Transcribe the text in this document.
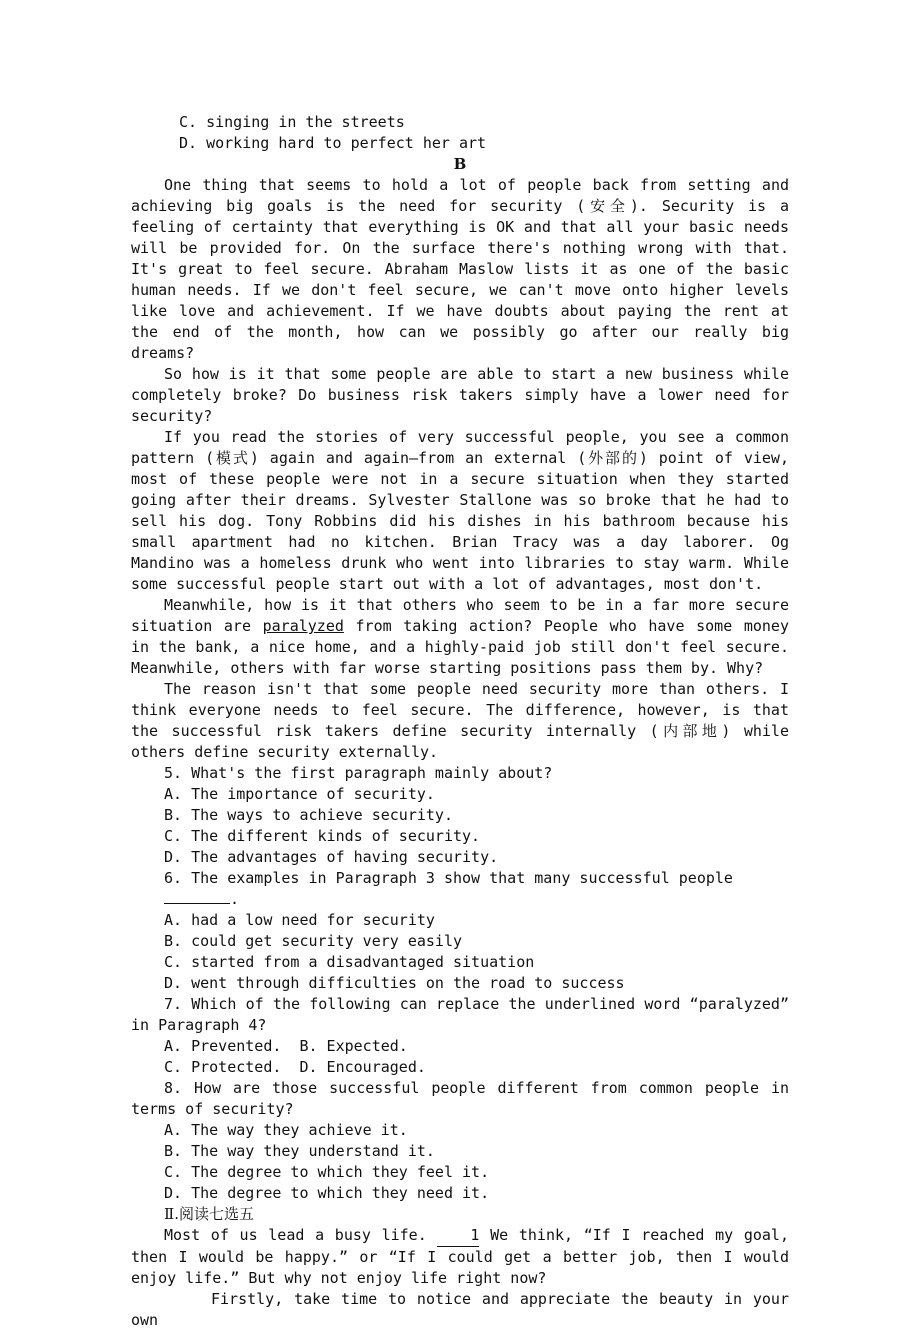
C. singing in the streets
D. working hard to perfect her art
B

One thing that seems to hold a lot of people back from setting and achieving big goals is the need for security (安全). Security is a feeling of certainty that everything is OK and that all your basic needs will be provided for. On the surface there's nothing wrong with that. It's great to feel secure. Abraham Maslow lists it as one of the basic human needs. If we don't feel secure, we can't move onto higher levels like love and achievement. If we have doubts about paying the rent at the end of the month, how can we possibly go after our really big dreams?

So how is it that some people are able to start a new business while completely broke? Do business risk takers simply have a lower need for security?

If you read the stories of very successful people, you see a common pattern (模式) again and again—from an external (外部的) point of view, most of these people were not in a secure situation when they started going after their dreams. Sylvester Stallone was so broke that he had to sell his dog. Tony Robbins did his dishes in his bathroom because his small apartment had no kitchen. Brian Tracy was a day laborer. Og Mandino was a homeless drunk who went into libraries to stay warm. While some successful people start out with a lot of advantages, most don't.

Meanwhile, how is it that others who seem to be in a far more secure situation are paralyzed from taking action? People who have some money in the bank, a nice home, and a highly-paid job still don't feel secure. Meanwhile, others with far worse starting positions pass them by. Why?

The reason isn't that some people need security more than others. I think everyone needs to feel secure. The difference, however, is that the successful risk takers define security internally (内部地) while others define security externally.

5. What's the first paragraph mainly about?
A. The importance of security.
B. The ways to achieve security.
C. The different kinds of security.
D. The advantages of having security.
6. The examples in Paragraph 3 show that many successful people .
A. had a low need for security
B. could get security very easily
C. started from a disadvantaged situation
D. went through difficulties on the road to success

7. Which of the following can replace the underlined word “paralyzed” in Paragraph 4?

A. Prevented.  B. Expected.
C. Protected.  D. Encouraged.

8. How are those successful people different from common people in terms of security?

A. The way they achieve it.
B. The way they understand it.
C. The degree to which they feel it.
D. The degree to which they need it.
Ⅱ.阅读七选五

Most of us lead a busy life. 1 We think, “If I reached my goal, then I would be happy.” or “If I could get a better job, then I would enjoy life.” But why not enjoy life right now?

Firstly, take time to notice and appreciate the beauty in your own
